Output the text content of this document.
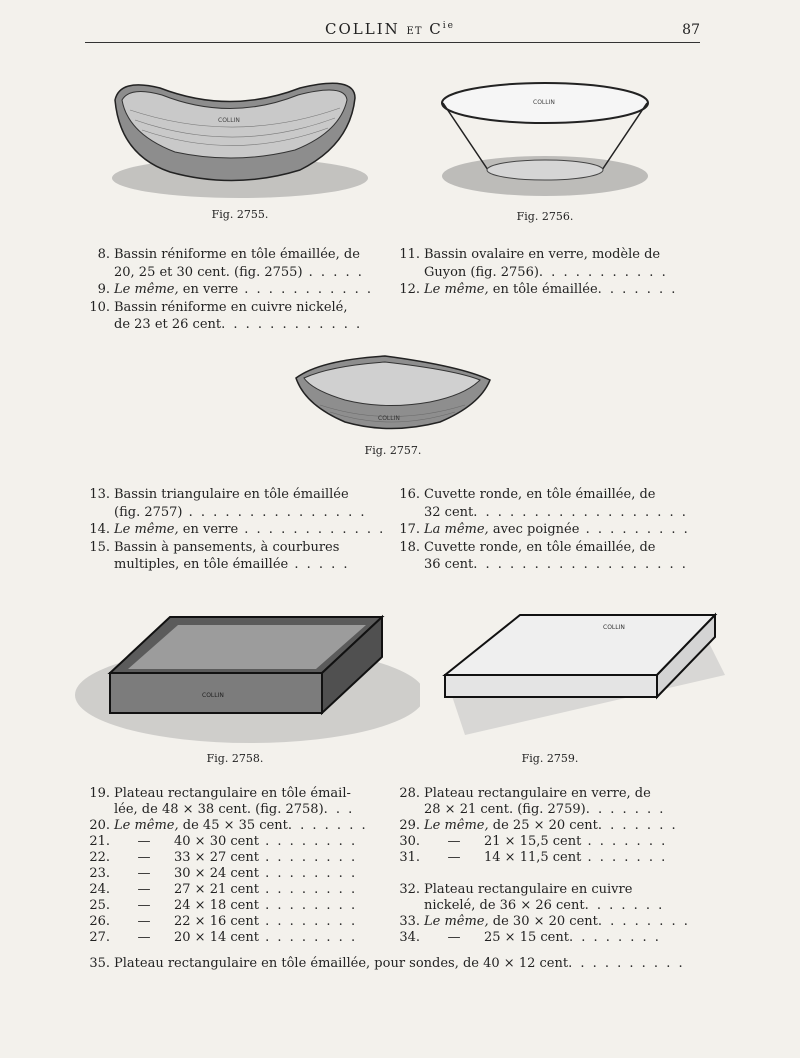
COLLIN ET $C^{ie}$	87
COLLIN
Fig. 2755.
COLLIN
Fig. 2756.
8. Bassin réniforme en tôle émaillée, de
20, 25 et 30 cent. (fig. 2755) . . . . .
9. Le même, en verre . . . . . . . . . . .
10. Bassin réniforme en cuivre nickelé,
de 23 et 26 cent. . . . . . . . . . . .
11. Bassin ovalaire en verre, modèle de
Guyon (fig. 2756). . . . . . . . . . .
12. Le même, en tôle émaillée. . . . . . .
COLLIN
Fig. 2757.
13. Bassin triangulaire en tôle émaillée
(fig. 2757) . . . . . . . . . . . . . . .
14. Le même, en verre . . . . . . . . . . . .
15. Bassin à pansements, à courbures
multiples, en tôle émaillée . . . . .
16. Cuvette ronde, en tôle émaillée, de
32 cent. . . . . . . . . . . . . . . . . .
17. La même, avec poignée . . . . . . . . .
18. Cuvette ronde, en tôle émaillée, de
36 cent. . . . . . . . . . . . . . . . . .
COLLIN
Fig. 2758.
COLLIN
Fig. 2759.
19. Plateau rectangulaire en tôle émail-
lée, de 48 × 38 cent. (fig. 2758). . .
20. Le même, de 45 × 35 cent. . . . . . .
21. — 40 × 30 cent . . . . . . . .
22. — 33 × 27 cent . . . . . . . .
23. — 30 × 24 cent . . . . . . . .
24. — 27 × 21 cent . . . . . . . .
25. — 24 × 18 cent . . . . . . . .
26. — 22 × 16 cent . . . . . . . .
27. — 20 × 14 cent . . . . . . . .
28. Plateau rectangulaire en verre, de
28 × 21 cent. (fig. 2759). . . . . . .
29. Le même, de 25 × 20 cent. . . . . . .
30. — 21 × 15,5 cent . . . . . . .
31. — 14 × 11,5 cent . . . . . . .
32. Plateau rectangulaire en cuivre
nickelé, de 36 × 26 cent. . . . . . .
33. Le même, de 30 × 20 cent. . . . . . . .
34. — 25 × 15 cent. . . . . . . .
35. Plateau rectangulaire en tôle émaillée, pour sondes, de 40 × 12 cent. . . . . . . . . .
